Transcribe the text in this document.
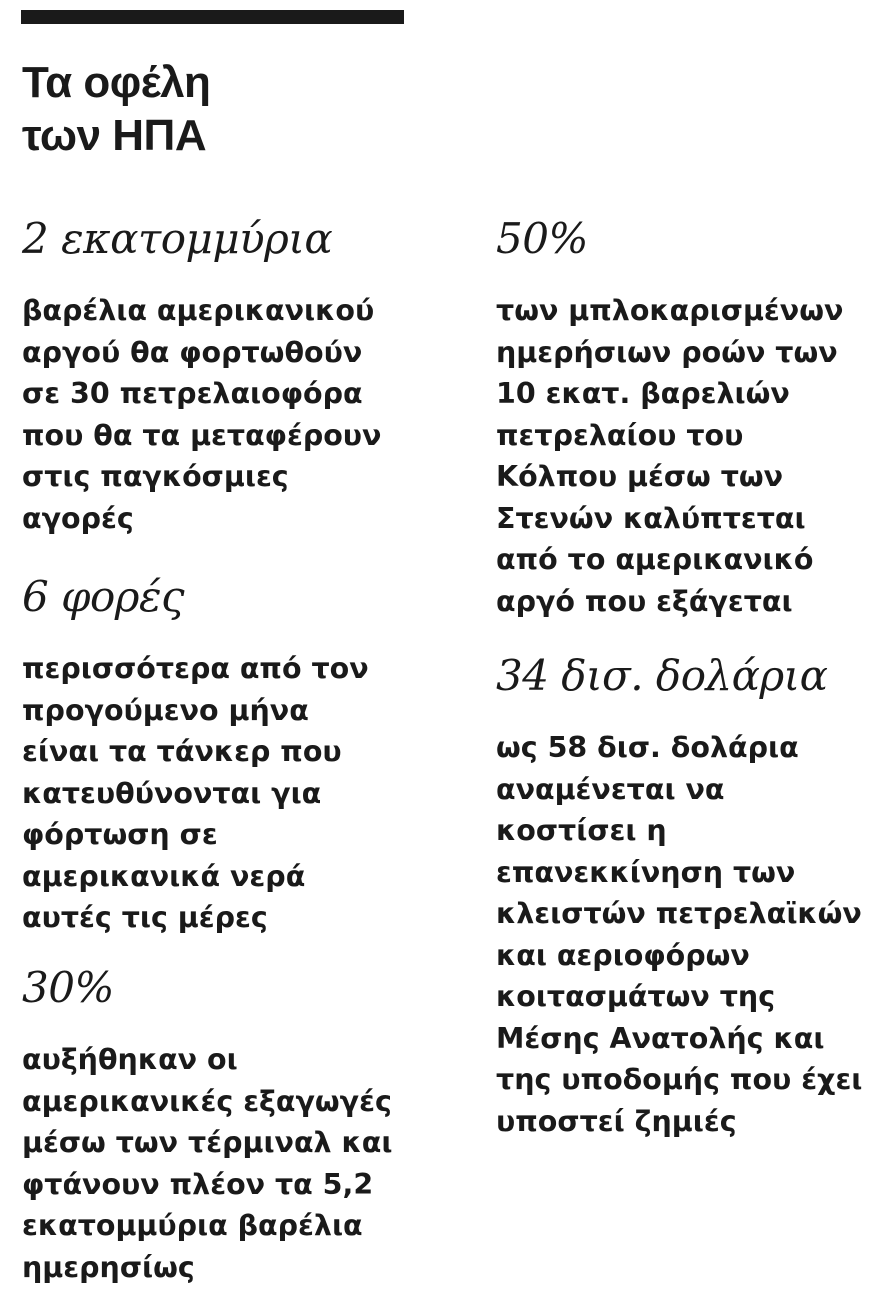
Τα οφέλη
των ΗΠΑ
2 εκατομμύρια
βαρέλια αμερικανικού
αργού θα φορτωθούν
σε 30 πετρελαιοφόρα
που θα τα μεταφέρουν
στις παγκόσμιες
αγορές
6 φορές
περισσότερα από τον
προγούμενο μήνα
είναι τα τάνκερ που
κατευθύνονται για
φόρτωση σε
αμερικανικά νερά
αυτές τις μέρες
30%
αυξήθηκαν οι
αμερικανικές εξαγωγές
μέσω των τέρμιναλ και
φτάνουν πλέον τα 5,2
εκατομμύρια βαρέλια
ημερησίως
50%
των μπλοκαρισμένων
ημερήσιων ροών των
10 εκατ. βαρελιών
πετρελαίου του
Κόλπου μέσω των
Στενών καλύπτεται
από το αμερικανικό
αργό που εξάγεται
34 δισ. δολάρια
ως 58 δισ. δολάρια
αναμένεται να
κοστίσει η
επανεκκίνηση των
κλειστών πετρελαϊκών
και αεριοφόρων
κοιτασμάτων της
Μέσης Ανατολής και
της υποδομής που έχει
υποστεί ζημιές
